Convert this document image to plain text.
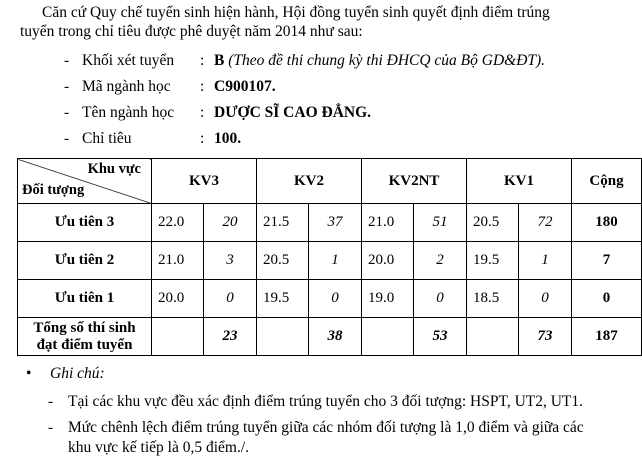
Căn cứ Quy chế tuyển sinh hiện hành, Hội đồng tuyển sinh quyết định điểm trúng tuyển trong chỉ tiêu được phê duyệt năm 2014 như sau:
- Khối xét tuyển : B (Theo đề thi chung kỳ thi ĐHCQ của Bộ GD&ĐT).
- Mã ngành học : C900107.
- Tên ngành học : DƯỢC SĨ CAO ĐẲNG.
- Chỉ tiêu	: 100.
Khu vực
Đối tượng	KV3		KV2		KV2NT		KV1		Cộng
Ưu tiên 3	22.0	20	21.5	37	21.0	51	20.5	72	180
Ưu tiên 2	21.0	3	20.5	1	20.0	2	19.5	1	7
Ưu tiên 1	20.0	0	19.5	0	19.0	0	18.5	0	0
Tổng số thí sinh
đạt điểm tuyển		23		38		53		73	187
• Ghi chú:
- Tại các khu vực đều xác định điểm trúng tuyển cho 3 đối tượng: HSPT, UT2, UT1.
- Mức chênh lệch điểm trúng tuyển giữa các nhóm đối tượng là 1,0 điểm và giữa các khu vực kế tiếp là 0,5 điểm./.
